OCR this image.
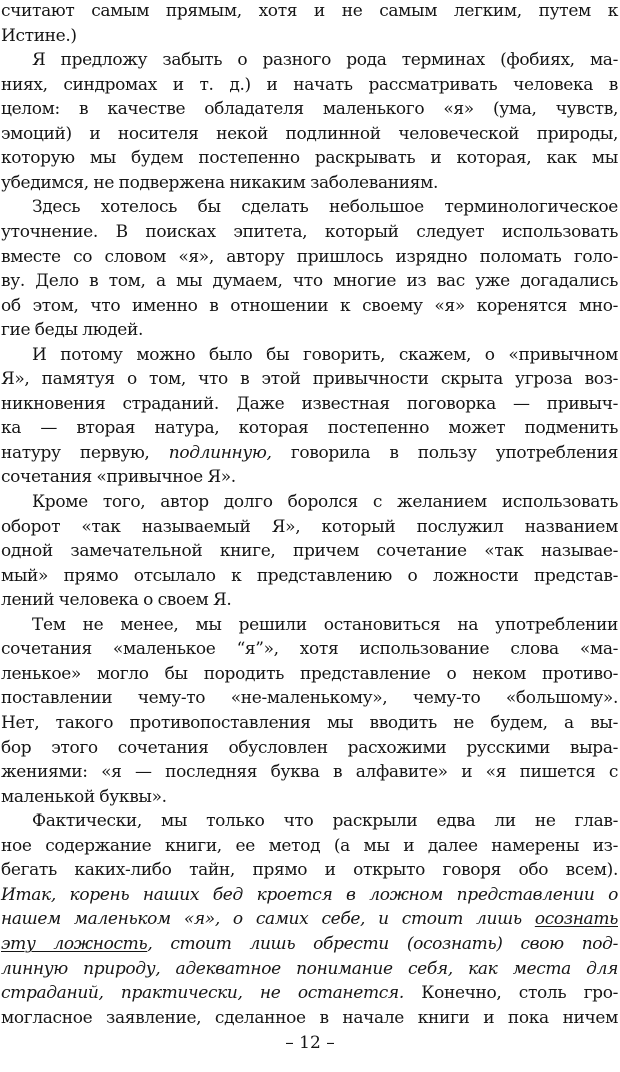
считают самым прямым, хотя и не самым легким, путем к
Истине.)
Я предложу забыть о разного рода терминах (фобиях, ма-
ниях, синдромах и т. д.) и начать рассматривать человека в
целом: в качестве обладателя маленького «я» (ума, чувств,
эмоций) и носителя некой подлинной человеческой природы,
которую мы будем постепенно раскрывать и которая, как мы
убедимся, не подвержена никаким заболеваниям.
Здесь хотелось бы сделать небольшое терминологическое
уточнение. В поисках эпитета, который следует использовать
вместе со словом «я», автору пришлось изрядно поломать голо-
ву. Дело в том, а мы думаем, что многие из вас уже догадались
об этом, что именно в отношении к своему «я» коренятся мно-
гие беды людей.
И потому можно было бы говорить, скажем, о «привычном
Я», памятуя о том, что в этой привычности скрыта угроза воз-
никновения страданий. Даже известная поговорка — привыч-
ка — вторая натура, которая постепенно может подменить
натуру первую, подлинную, говорила в пользу употребления
сочетания «привычное Я».
Кроме того, автор долго боролся с желанием использовать
оборот «так называемый Я», который послужил названием
одной замечательной книге, причем сочетание «так называе-
мый» прямо отсылало к представлению о ложности представ-
лений человека о своем Я.
Тем не менее, мы решили остановиться на употреблении
сочетания «маленькое “я”», хотя использование слова «ма-
ленькое» могло бы породить представление о неком противо-
поставлении чему-то «не-маленькому», чему-то «большому».
Нет, такого противопоставления мы вводить не будем, а вы-
бор этого сочетания обусловлен расхожими русскими выра-
жениями: «я — последняя буква в алфавите» и «я пишется с
маленькой буквы».
Фактически, мы только что раскрыли едва ли не глав-
ное содержание книги, ее метод (а мы и далее намерены из-
бегать каких-либо тайн, прямо и открыто говоря обо всем).
Итак, корень наших бед кроется в ложном представлении о
нашем маленьком «я», о самих себе, и стоит лишь осознать
эту ложность, стоит лишь обрести (осознать) свою под-
линную природу, адекватное понимание себя, как места для
страданий, практически, не останется. Конечно, столь гро-
могласное заявление, сделанное в начале книги и пока ничем
– 12 –
